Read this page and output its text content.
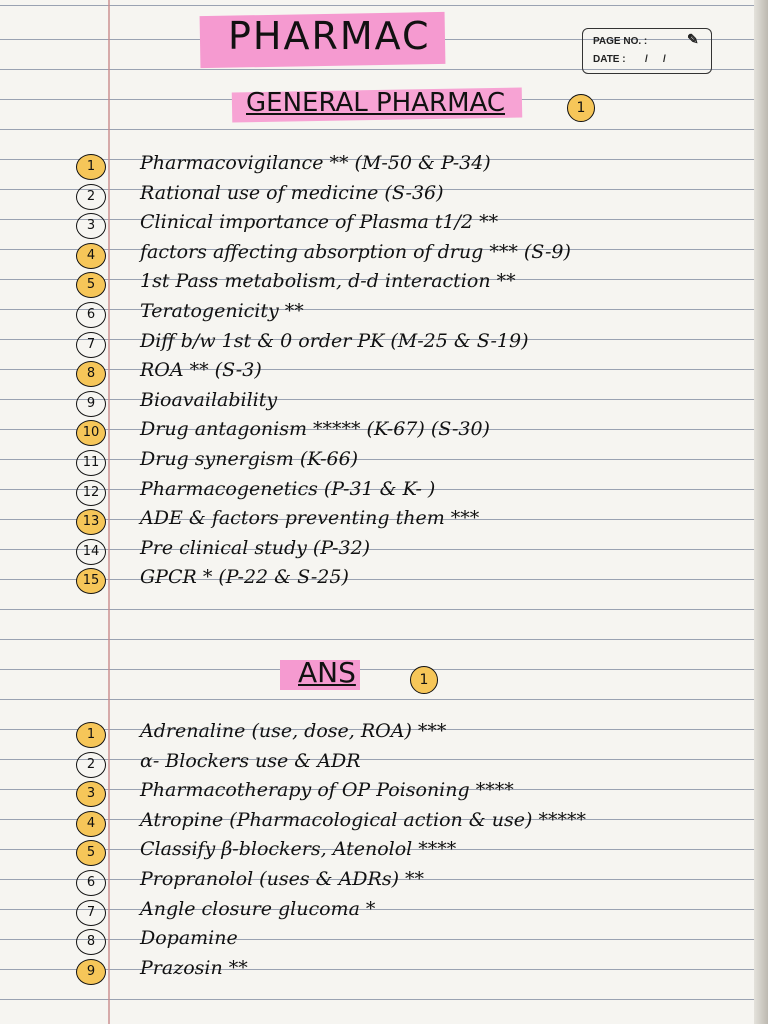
PHARMAC	PAGE NO. :
DATE : / /
✎
GENERAL PHARMAC	1
1	Pharmacovigilance ** (M-50 & P-34)
2	Rational use of medicine (S-36)
3	Clinical importance of Plasma t1/2 **
4	factors affecting absorption of drug *** (S-9)
5	1st Pass metabolism, d-d interaction **
6	Teratogenicity **
7	Diff b/w 1st & 0 order PK (M-25 & S-19)
8	ROA ** (S-3)
9	Bioavailability
10	Drug antagonism ***** (K-67) (S-30)
11	Drug synergism (K-66)
12	Pharmacogenetics (P-31 & K- )
13	ADE & factors preventing them ***
14	Pre clinical study (P-32)
15	GPCR * (P-22 & S-25)
ANS	1
1	Adrenaline (use, dose, ROA) ***
2	α- Blockers use & ADR
3	Pharmacotherapy of OP Poisoning ****
4	Atropine (Pharmacological action & use) *****
5	Classify β-blockers, Atenolol ****
6	Propranolol (uses & ADRs) **
7	Angle closure glucoma *
8	Dopamine
9	Prazosin **
